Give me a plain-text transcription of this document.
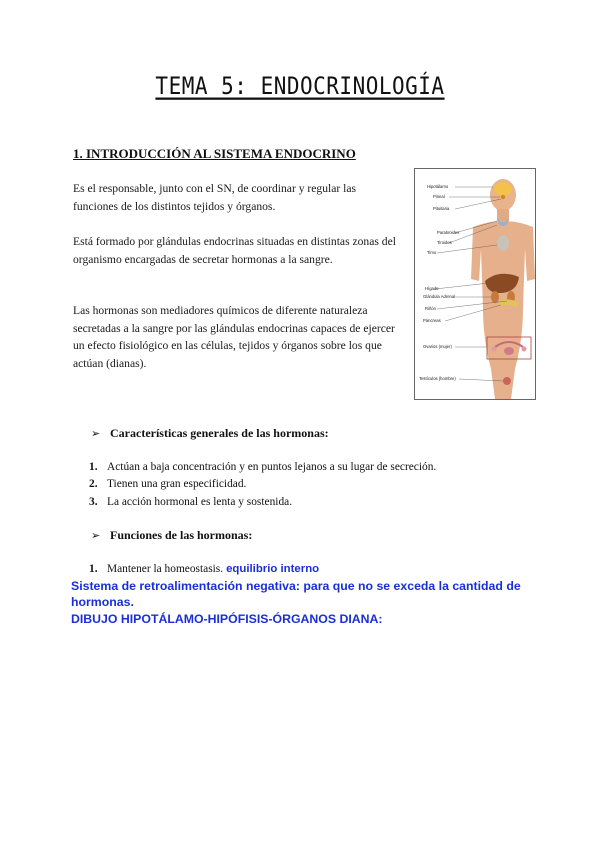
TEMA 5: ENDOCRINOLOGÍA
1. INTRODUCCIÓN AL SISTEMA ENDOCRINO
Es el responsable, junto con el SN, de coordinar y regular las funciones de los distintos tejidos y órganos.
Está formado por glándulas endocrinas situadas en distintas zonas del organismo encargadas de secretar hormonas a la sangre.
Las hormonas son mediadores químicos de diferente naturaleza secretadas a la sangre por las glándulas endocrinas capaces de ejercer un efecto fisiológico en las células, tejidos y órganos sobre los que actúan (dianas).
Hipotálamo
Pineal
Pituitaria
Paratiroides
Tiroides
Timo
Hígado
Glándula Adrenal
Riñón
Páncreas
Ovarios (mujer)
Testículos (hombre)
➢ Características generales de las hormonas:
1. Actúan a baja concentración y en puntos lejanos a su lugar de secreción.
2. Tienen una gran especificidad.
3. La acción hormonal es lenta y sostenida.
➢ Funciones de las hormonas:
1. Mantener la homeostasis. equilibrio interno
Sistema de retroalimentación negativa: para que no se exceda la cantidad de hormonas.
DIBUJO HIPOTÁLAMO-HIPÓFISIS-ÓRGANOS DIANA:
